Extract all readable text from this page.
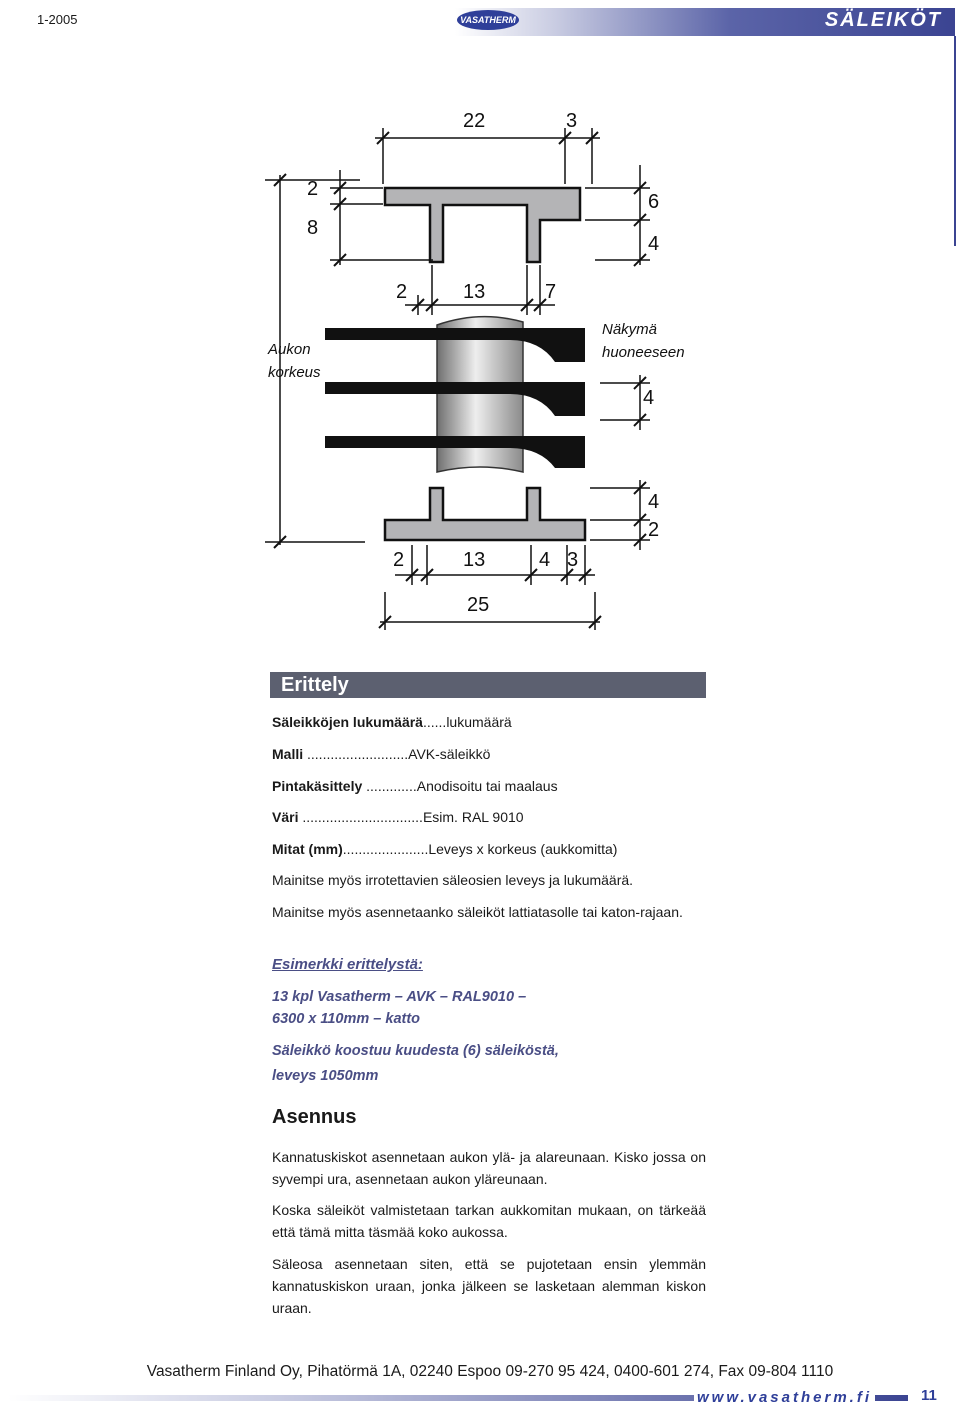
1-2005	VASATHERM	SÄLEIKÖT
22	3
2
8
6
4
2	13	7
Aukon
korkeus
Näkymä
huoneeseen
4
4
2
2	13	4 3
25
Erittely
Säleikköjen lukumäärä......lukumäärä
Malli ..........................AVK-säleikkö
Pintakäsittely .............Anodisoitu tai maalaus
Väri ...............................Esim. RAL 9010
Mitat (mm)......................Leveys x korkeus (aukkomitta)
Mainitse myös irrotettavien säleosien leveys ja lukumäärä.
Mainitse myös asennetaanko säleiköt lattiatasolle tai katon-rajaan.
Esimerkki erittelystä:
13 kpl Vasatherm – AVK – RAL9010 –
6300 x 110mm – katto
Säleikkö koostuu kuudesta (6) säleiköstä,
leveys 1050mm
Asennus
Kannatuskiskot asennetaan aukon ylä- ja alareunaan. Kisko jossa on syvempi ura, asennetaan aukon yläreunaan.
Koska säleiköt valmistetaan tarkan aukkomitan mukaan, on tärkeää että tämä mitta täsmää koko aukossa.
Säleosa asennetaan siten, että se pujotetaan ensin ylemmän kannatuskiskon uraan, jonka jälkeen se lasketaan alemman kiskon uraan.
Vasatherm Finland Oy, Pihatörmä 1A, 02240 Espoo 09-270 95 424, 0400-601 274, Fax 09-804 1110
www.vasatherm.fi	11
